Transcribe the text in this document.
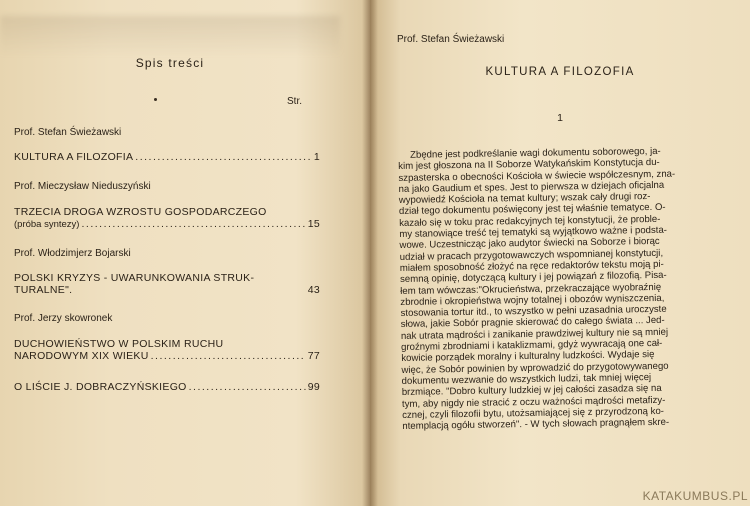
Spis treści
Str.
Prof. Stefan Świeżawski
KULTURA A FILOZOFIA .....	1
Prof. Mieczysław Nieduszyński
TRZECIA DROGA WZROSTU GOSPODARCZEGO
(próba syntezy) .....	15
Prof. Włodzimjerz Bojarski
POLSKI KRYZYS - UWARUNKOWANIA STRUK-
TURALNE".	43
Prof. Jerzy skowronek
DUCHOWIEŃSTWO W POLSKIM RUCHU
NARODOWYM XIX WIEKU .....	77
O LIŚCIE J. DOBRACZYŃSKIEGO .....	99
Prof. Stefan Świeżawski
KULTURA A FILOZOFIA
1
Zbędne jest podkreślanie wagi dokumentu soborowego, ja-
kim jest głoszona na II Soborze Watykańskim Konstytucja du-
szpasterska o obecności Kościoła w świecie współczesnym, zna-
na jako Gaudium et spes. Jest to pierwsza w dziejach oficjalna
wypowiedź Kościoła na temat kultury; wszak cały drugi roz-
dział tego dokumentu poświęcony jest tej właśnie tematyce. O-
kazało się w toku prac redakcyjnych tej konstytucji, że proble-
my stanowiące treść tej tematyki są wyjątkowo ważne i podsta-
wowe. Uczestnicząc jako audytor świecki na Soborze i biorąc
udział w pracach przygotowawczych wspomnianej konstytucji,
miałem sposobność złożyć na ręce redaktorów tekstu moją pi-
semną opinię, dotyczącą kultury i jej powiązań z filozofią. Pisa-
łem tam wówczas:"Okrucieństwa, przekraczające wyobraźnię
zbrodnie i okropieństwa wojny totalnej i obozów wyniszczenia,
stosowania tortur itd., to wszystko w pełni uzasadnia uroczyste
słowa, jakie Sobór pragnie skierować do całego świata ... Jed-
nak utrata mądrości i zanikanie prawdziwej kultury nie są mniej
groźnymi zbrodniami i kataklizmami, gdyż wywracają one cał-
kowicie porządek moralny i kulturalny ludzkości. Wydaje się
więc, że Sobór powinien by wprowadzić do przygotowywanego
dokumentu wezwanie do wszystkich ludzi, tak mniej więcej
brzmiące. "Dobro kultury ludzkiej w jej całości zasadza się na
tym, aby nigdy nie stracić z oczu ważności mądrości metafizy-
cznej, czyli filozofii bytu, utożsamiającej się z przyrodzoną ko-
ntemplacją ogółu stworzeń". - W tych słowach pragnąłem skre-
KATAKUMBUS.PL
